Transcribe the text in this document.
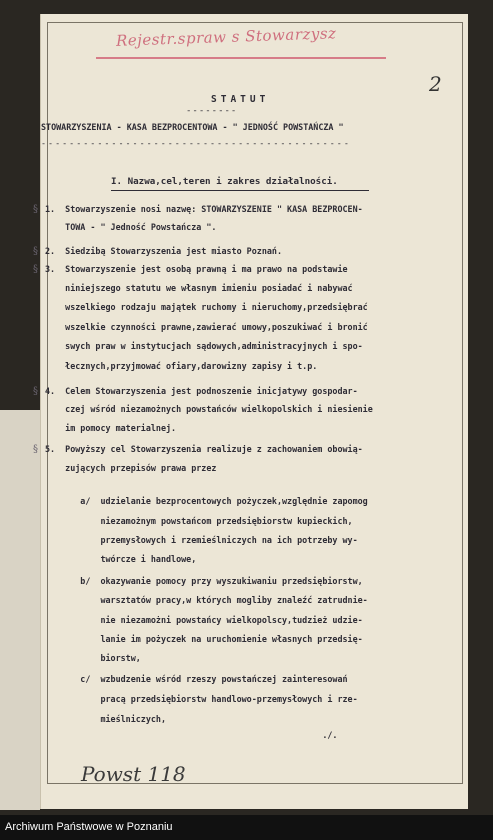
Rejestr.spraw s Stowarzysz
2
STATUT
--------
STOWARZYSZENIA - KASA BEZPROCENTOWA - " JEDNOŚĆ POWSTAŃCZA "
--------------------------------------------
I. Nazwa,cel,teren i zakres działalności.
§
§
§
§
§
1.  Stowarzyszenie nosi nazwę: STOWARZYSZENIE " KASA BEZPROCEN-
TOWA - " Jedność Powstańcza ".
2.  Siedzibą Stowarzyszenia jest miasto Poznań.
3.  Stowarzyszenie jest osobą prawną i ma prawo na podstawie
niniejszego statutu we własnym imieniu posiadać i nabywać
wszelkiego rodzaju majątek ruchomy i nieruchomy,przedsiębrać
wszelkie czynności prawne,zawierać umowy,poszukiwać i bronić
swych praw w instytucjach sądowych,administracyjnych i spo-
łecznych,przyjmować ofiary,darowizny zapisy i t.p.
4.  Celem Stowarzyszenia jest podnoszenie inicjatywy gospodar-
czej wśród niezamożnych powstańców wielkopolskich i niesienie
im pomocy materialnej.
5.  Powyższy cel Stowarzyszenia realizuje z zachowaniem obowią-
zujących przepisów prawa przez
a/  udzielanie bezprocentowych pożyczek,względnie zapomog
niezamożnym powstańcom przedsiębiorstw kupieckich,
przemysłowych i rzemieślniczych na ich potrzeby wy-
twórcze i handlowe,
b/  okazywanie pomocy przy wyszukiwaniu przedsiębiorstw,
warsztatów pracy,w których mogliby znaleźć zatrudnie-
nie niezamożni powstańcy wielkopolscy,tudzież udzie-
lanie im pożyczek na uruchomienie własnych przedsię-
biorstw,
c/  wzbudzenie wśród rzeszy powstańczej zainteresowań
pracą przedsiębiorstw handlowo-przemysłowych i rze-
mieślniczych,
./.
Powst 118
Archiwum Państwowe w Poznaniu
